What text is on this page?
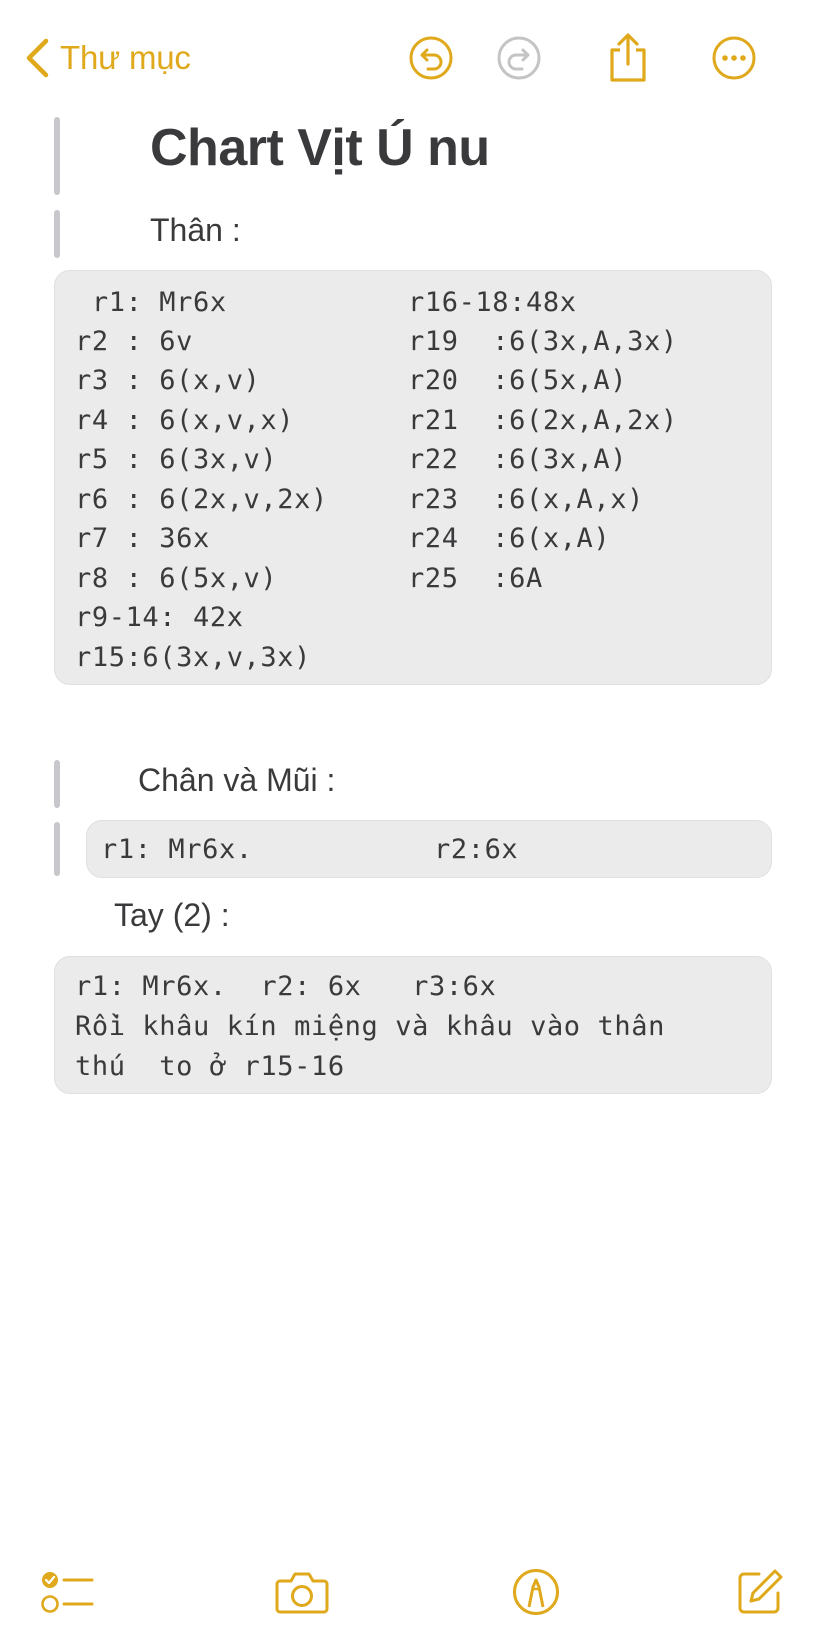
Thư mục
Chart Vịt Ú nu
Thân :
r1: Mr6x
r2 : 6v
r3 : 6(x,v)
r4 : 6(x,v,x)
r5 : 6(3x,v)
r6 : 6(2x,v,2x)
r7 : 36x
r8 : 6(5x,v)
r9-14: 42x
r15:6(3x,v,3x)
r16-18:48x
r19  :6(3x,A,3x)
r20  :6(5x,A)
r21  :6(2x,A,2x)
r22  :6(3x,A)
r23  :6(x,A,x)
r24  :6(x,A)
r25  :6A
Chân và Mũi :
r1: Mr6x.	r2:6x
Tay (2) :
r1: Mr6x.  r2: 6x   r3:6x
Rồi khâu kín miệng và khâu vào thân
thú  to ở r15-16
